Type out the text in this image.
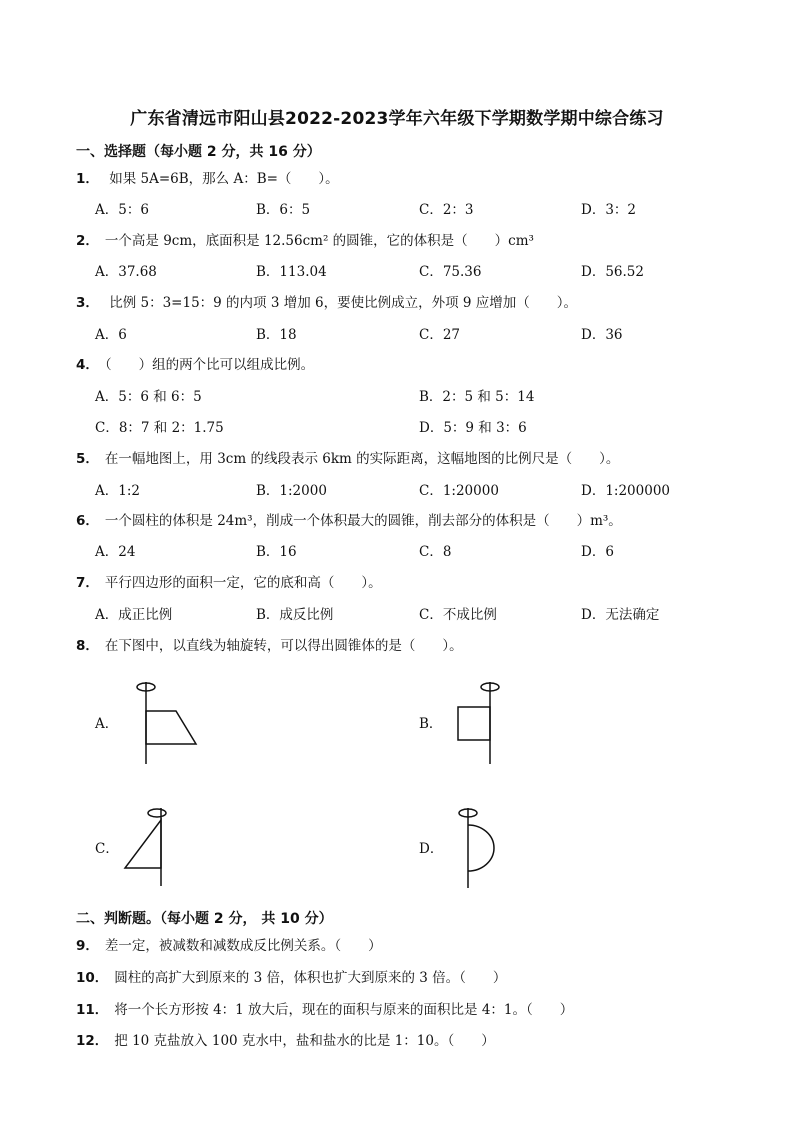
广东省清远市阳山县2022-2023学年六年级下学期数学期中综合练习
一、选择题（每小题 2 分，共 16 分）
1． 如果 5A=6B，那么 A：B=（　　）。
A．5：6	B．6：5	C．2：3	D．3：2
2． 一个高是 9cm，底面积是 12.56cm² 的圆锥，它的体积是（　　）cm³
A．37.68	B．113.04	C．75.36	D．56.52
3． 比例 5：3=15：9 的内项 3 增加 6，要使比例成立，外项 9 应增加（　　）。
A．6	B．18	C．27	D．36
4． （　　）组的两个比可以组成比例。
A．5：6 和 6：5	B．2：5 和 5：14
C．8：7 和 2：1.75	D．5：9 和 3：6
5． 在一幅地图上，用 3cm 的线段表示 6km 的实际距离，这幅地图的比例尺是（　　）。
A．1:2	B．1:2000	C．1:20000	D．1:200000
6． 一个圆柱的体积是 24m³，削成一个体积最大的圆锥，削去部分的体积是（　　）m³。
A．24	B．16	C．8	D．6
7． 平行四边形的面积一定，它的底和高（　　）。
A．成正比例	B．成反比例	C．不成比例	D．无法确定
8． 在下图中，以直线为轴旋转，可以得出圆锥体的是（　　）。
A．	B．
C．	D．
二、判断题。（每小题 2 分， 共 10 分）
9． 差一定，被减数和减数成反比例关系。（　　）
10． 圆柱的高扩大到原来的 3 倍，体积也扩大到原来的 3 倍。（　　）
11． 将一个长方形按 4：1 放大后，现在的面积与原来的面积比是 4：1。（　　）
12． 把 10 克盐放入 100 克水中，盐和盐水的比是 1：10。（　　）
